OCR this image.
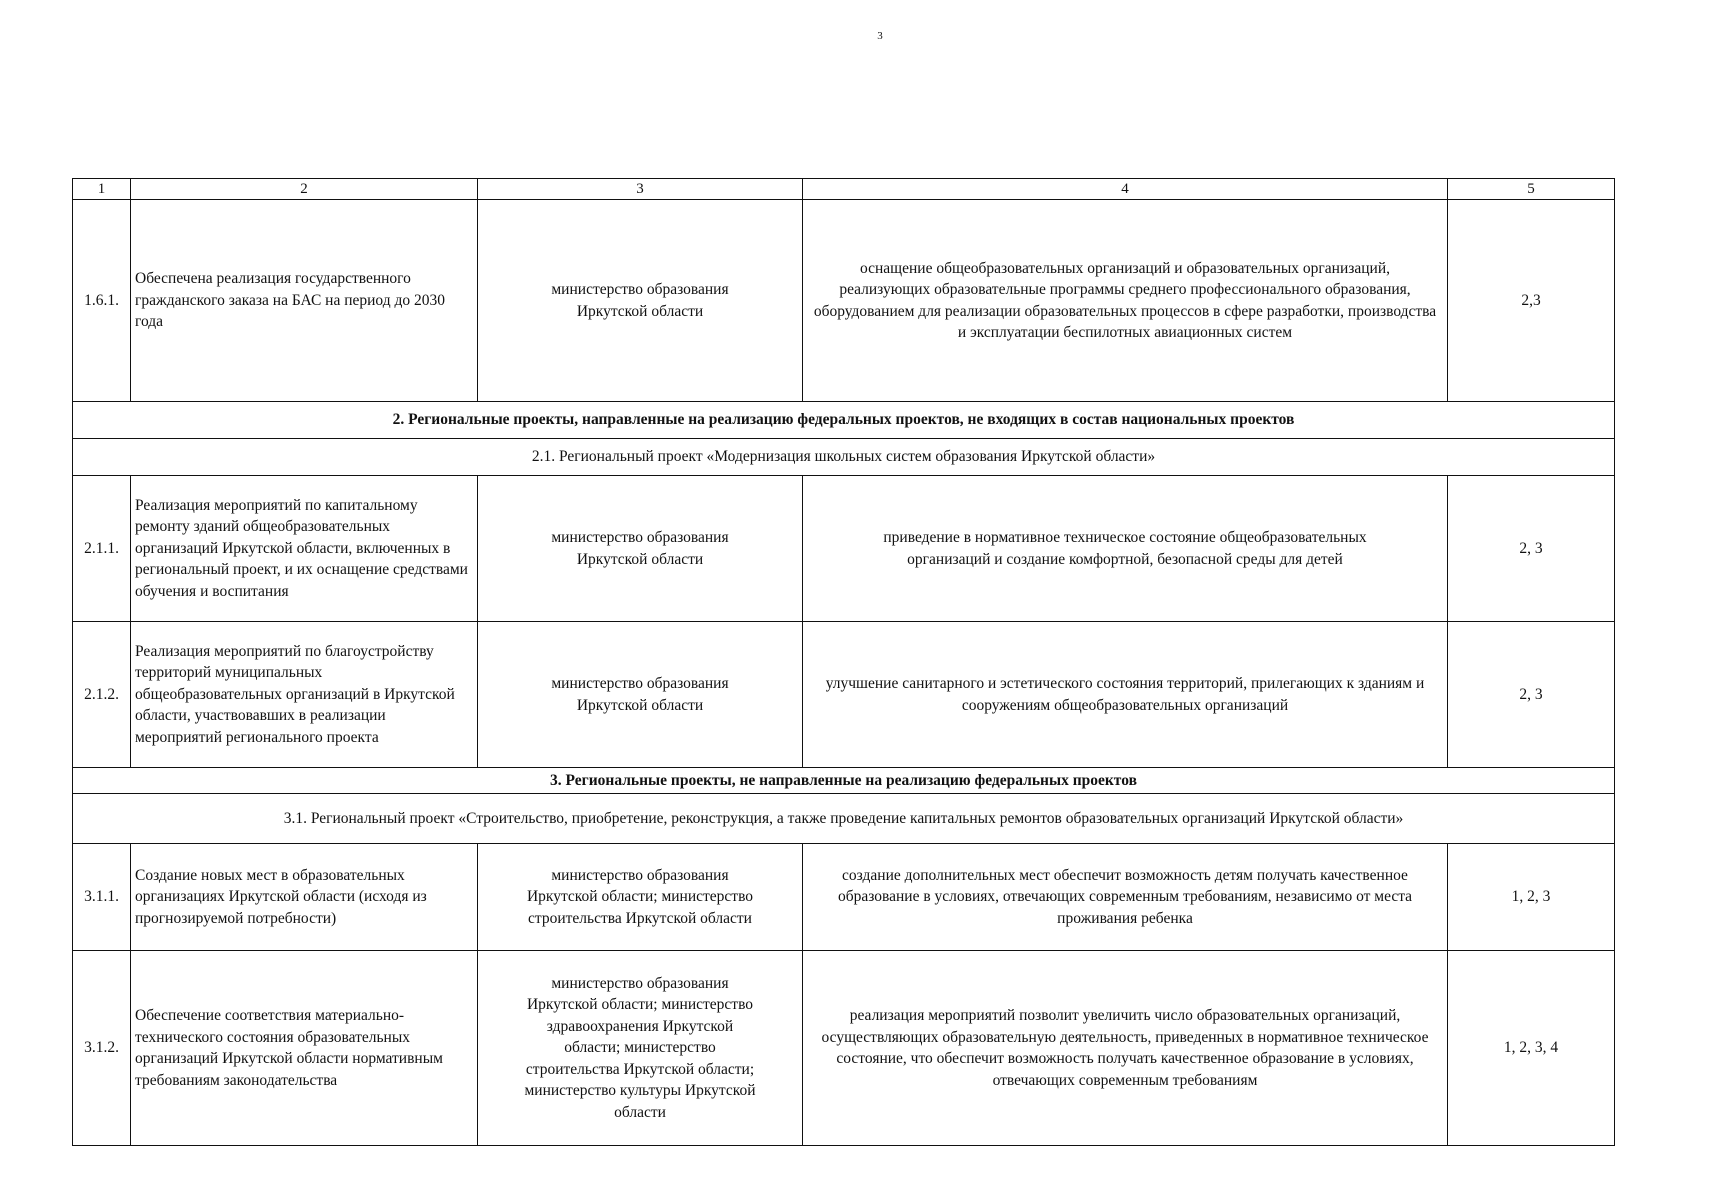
3
1	2	3	4	5
1.6.1.	Обеспечена реализация государственного гражданского заказа на БАС на период до 2030 года	министерство образования Иркутской области	оснащение общеобразовательных организаций и образовательных организаций, реализующих образовательные программы среднего профессионального образования, оборудованием для реализации образовательных процессов в сфере разработки, производства и эксплуатации беспилотных авиационных систем	2,3
2. Региональные проекты, направленные на реализацию федеральных проектов, не входящих в состав национальных проектов				
2.1. Региональный проект «Модернизация школьных систем образования Иркутской области»				
2.1.1.	Реализация мероприятий по капитальному ремонту зданий общеобразовательных организаций Иркутской области, включенных в региональный проект, и их оснащение средствами обучения и воспитания	министерство образования Иркутской области	приведение в нормативное техническое состояние общеобразовательных организаций и создание комфортной, безопасной среды для детей	2, 3
2.1.2.	Реализация мероприятий по благоустройству территорий муниципальных общеобразовательных организаций в Иркутской области, участвовавших в реализации мероприятий регионального проекта	министерство образования Иркутской области	улучшение санитарного и эстетического состояния территорий, прилегающих к зданиям и сооружениям общеобразовательных организаций	2, 3
3. Региональные проекты, не направленные на реализацию федеральных проектов				
3.1. Региональный проект «Строительство, приобретение, реконструкция, а также проведение капитальных ремонтов образовательных организаций Иркутской области»				
3.1.1.	Создание новых мест в образовательных организациях Иркутской области (исходя из прогнозируемой потребности)	министерство образования Иркутской области; министерство строительства Иркутской области	создание дополнительных мест обеспечит возможность детям получать качественное образование в условиях, отвечающих современным требованиям, независимо от места проживания ребенка	1, 2, 3
3.1.2.	Обеспечение соответствия материально-технического состояния образовательных организаций Иркутской области нормативным требованиям законодательства	министерство образования Иркутской области; министерство здравоохранения Иркутской области; министерство строительства Иркутской области; министерство культуры Иркутской области	реализация мероприятий позволит увеличить число образовательных организаций, осуществляющих образовательную деятельность, приведенных в нормативное техническое состояние, что обеспечит возможность получать качественное образование в условиях, отвечающих современным требованиям	1, 2, 3, 4
